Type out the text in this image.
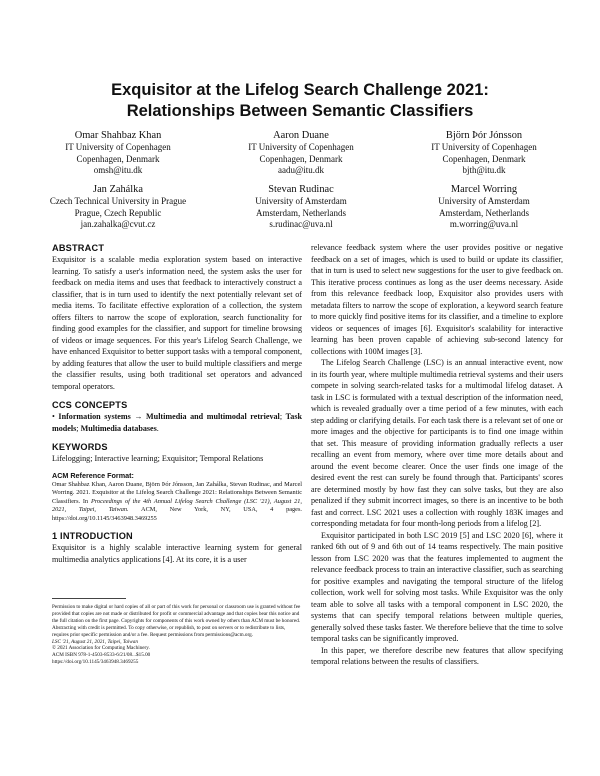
Exquisitor at the Lifelog Search Challenge 2021:
Relationships Between Semantic Classifiers
Omar Shahbaz Khan
IT University of Copenhagen
Copenhagen, Denmark
omsh@itu.dk
Aaron Duane
IT University of Copenhagen
Copenhagen, Denmark
aadu@itu.dk
Björn Þór Jónsson
IT University of Copenhagen
Copenhagen, Denmark
bjth@itu.dk
Jan Zahálka
Czech Technical University in Prague
Prague, Czech Republic
jan.zahalka@cvut.cz
Stevan Rudinac
University of Amsterdam
Amsterdam, Netherlands
s.rudinac@uva.nl
Marcel Worring
University of Amsterdam
Amsterdam, Netherlands
m.worring@uva.nl
ABSTRACT

Exquisitor is a scalable media exploration system based on interactive learning. To satisfy a user's information need, the system asks the user for feedback on media items and uses that feedback to interactively construct a classifier, that is in turn used to identify the next potentially relevant set of media items. To facilitate effective exploration of a collection, the system offers filters to narrow the scope of exploration, search functionality for finding good examples for the classifier, and support for timeline browsing of videos or image sequences. For this year's Lifelog Search Challenge, we have enhanced Exquisitor to better support tasks with a temporal component, by adding features that allow the user to build multiple classifiers and merge the classifier results, using both traditional set operators and advanced temporal operators.

CCS CONCEPTS

• Information systems → Multimedia and multimodal retrieval; Task models; Multimedia databases.

KEYWORDS

Lifelogging; Interactive learning; Exquisitor; Temporal Relations

ACM Reference Format:

Omar Shahbaz Khan, Aaron Duane, Björn Þór Jónsson, Jan Zahálka, Stevan Rudinac, and Marcel Worring. 2021. Exquisitor at the Lifelog Search Challenge 2021: Relationships Between Semantic Classifiers. In Proceedings of the 4th Annual Lifelog Search Challenge (LSC '21), August 21, 2021, Taipei, Taiwan. ACM, New York, NY, USA, 4 pages. https://doi.org/10.1145/3463948.3469255

1 INTRODUCTION

Exquisitor is a highly scalable interactive learning system for general multimedia analytics applications [4]. At its core, it is a user

Permission to make digital or hard copies of all or part of this work for personal or classroom use is granted without fee provided that copies are not made or distributed for profit or commercial advantage and that copies bear this notice and the full citation on the first page. Copyrights for components of this work owned by others than ACM must be honored. Abstracting with credit is permitted. To copy otherwise, or republish, to post on servers or to redistribute to lists, requires prior specific permission and/or a fee. Request permissions from permissions@acm.org.
LSC '21, August 21, 2021, Taipei, Taiwan
© 2021 Association for Computing Machinery.
ACM ISBN 978-1-4503-8533-6/21/08...$15.00
https://doi.org/10.1145/3463948.3469255

relevance feedback system where the user provides positive or negative feedback on a set of images, which is used to build or update its classifier, that in turn is used to select new suggestions for the user to give feedback on. This iterative process continues as long as the user deems necessary. Aside from this relevance feedback loop, Exquisitor also provides users with metadata filters to narrow the scope of exploration, a keyword search feature to more quickly find positive items for its classifier, and a timeline to explore videos or sequences of images [6]. Exquisitor's scalability for interactive learning has been proven capable of achieving sub-second latency for collections with 100M images [3].

The Lifelog Search Challenge (LSC) is an annual interactive event, now in its fourth year, where multiple multimedia retrieval systems and their users compete in solving search-related tasks for a multimodal lifelog dataset. A task in LSC is formulated with a textual description of the information need, which is revealed gradually over a time period of a few minutes, with each step adding or clarifying details. For each task there is a relevant set of one or more images and the objective for participants is to find one image within that set. This measure of providing information gradually reflects a user recalling an event from memory, where over time more details about and around the event become clearer. Once the user finds one image of the desired event the rest can surely be found through that. Participants' scores are determined mostly by how fast they can solve tasks, but they are also penalized if they submit incorrect images, so there is an incentive to be both fast and correct. LSC 2021 uses a collection with roughly 183K images and corresponding metadata for four month-long periods from a lifelog [2].

Exquisitor participated in both LSC 2019 [5] and LSC 2020 [6], where it ranked 6th out of 9 and 6th out of 14 teams respectively. The main positive lesson from LSC 2020 was that the features implemented to augment the relevance feedback process to train an interactive classifier, such as searching for positive examples and navigating the temporal structure of the lifelog collection, work well for solving most tasks. While Exquisitor was the only team able to solve all tasks with a temporal component in LSC 2020, the systems that can specify temporal relations between multiple queries, generally solved these tasks faster. We therefore believe that the time to solve temporal tasks can be significantly improved.

In this paper, we therefore describe new features that allow specifying temporal relations between the results of classifiers.
